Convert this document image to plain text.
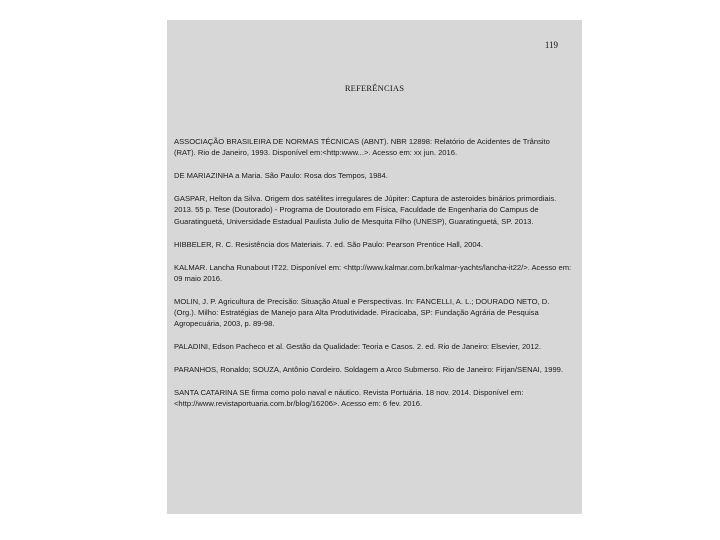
119
REFERÊNCIAS

ASSOCIAÇÃO BRASILEIRA DE NORMAS TÉCNICAS (ABNT). NBR 12898: Relatório de Acidentes de Trânsito (RAT). Rio de Janeiro, 1993. Disponível em:<http:www...>. Acesso em: xx jun. 2016.

DE MARIAZINHA a Maria. São Paulo: Rosa dos Tempos, 1984.

GASPAR, Helton da Silva. Origem dos satélites irregulares de Júpiter: Captura de asteroides binários primordiais. 2013. 55 p. Tese (Doutorado) - Programa de Doutorado em Física, Faculdade de Engenharia do Campus de Guaratinguetá, Universidade Estadual Paulista Julio de Mesquita Filho (UNESP), Guaratinguetá, SP. 2013.

HIBBELER, R. C. Resistência dos Materiais. 7. ed. São Paulo: Pearson Prentice Hall, 2004.

KALMAR. Lancha Runabout IT22. Disponível em: <http://www.kalmar.com.br/kalmar-yachts/lancha-it22/>. Acesso em: 09 maio 2016.

MOLIN, J. P. Agricultura de Precisão: Situação Atual e Perspectivas. In: FANCELLI, A. L.; DOURADO NETO, D. (Org.). Milho: Estratégias de Manejo para Alta Produtividade. Piracicaba, SP: Fundação Agrária de Pesquisa Agropecuária, 2003, p. 89-98.

PALADINI, Edson Pacheco et al. Gestão da Qualidade: Teoria e Casos. 2. ed. Rio de Janeiro: Elsevier, 2012.

PARANHOS, Ronaldo; SOUZA, Antônio Cordeiro. Soldagem a Arco Submerso. Rio de Janeiro: Firjan/SENAI, 1999.

SANTA CATARINA SE firma como polo naval e náutico. Revista Portuária. 18 nov. 2014. Disponível em: <http://www.revistaportuaria.com.br/blog/16206>. Acesso em: 6 fev. 2016.
